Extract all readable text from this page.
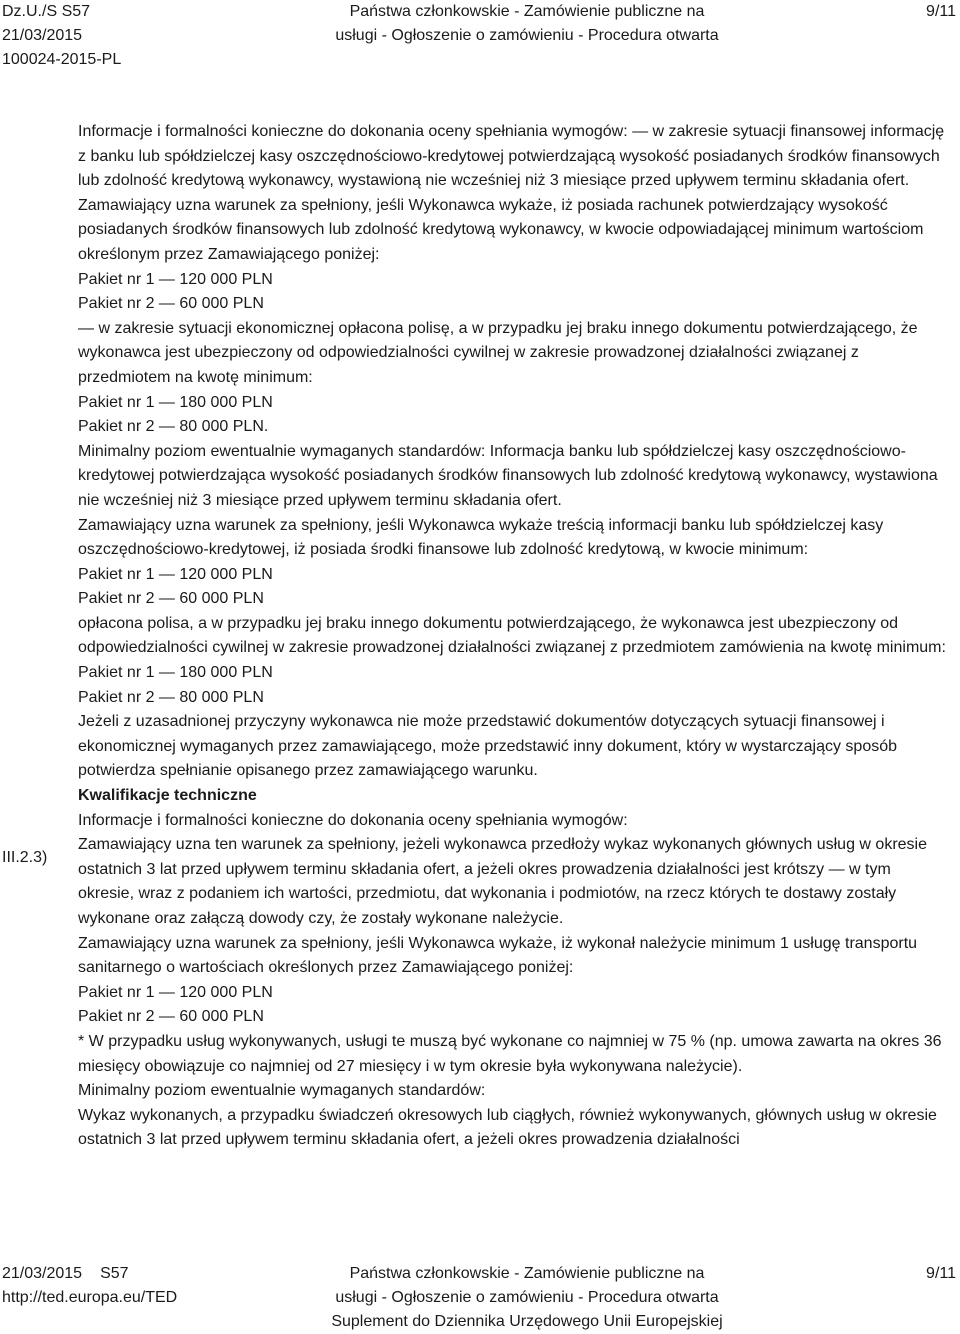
Dz.U./S S57
21/03/2015
100024-2015-PL
Państwa członkowskie - Zamówienie publiczne na
usługi - Ogłoszenie o zamówieniu - Procedura otwarta
9/11
III.2.3)

Informacje i formalności konieczne do dokonania oceny spełniania wymogów: — w zakresie sytuacji finansowej informację z banku lub spółdzielczej kasy oszczędnościowo-kredytowej potwierdzającą wysokość posiadanych środków finansowych lub zdolność kredytową wykonawcy, wystawioną nie wcześniej niż 3 miesiące przed upływem terminu składania ofert.

Zamawiający uzna warunek za spełniony, jeśli Wykonawca wykaże, iż posiada rachunek potwierdzający wysokość posiadanych środków finansowych lub zdolność kredytową wykonawcy, w kwocie odpowiadającej minimum wartościom określonym przez Zamawiającego poniżej:

Pakiet nr 1 — 120 000 PLN

Pakiet nr 2 — 60 000 PLN

— w zakresie sytuacji ekonomicznej opłacona polisę, a w przypadku jej braku innego dokumentu potwierdzającego, że wykonawca jest ubezpieczony od odpowiedzialności cywilnej w zakresie prowadzonej działalności związanej z przedmiotem na kwotę minimum:

Pakiet nr 1 — 180 000 PLN

Pakiet nr 2 — 80 000 PLN.

Minimalny poziom ewentualnie wymaganych standardów: Informacja banku lub spółdzielczej kasy oszczędnościowo-kredytowej potwierdzająca wysokość posiadanych środków finansowych lub zdolność kredytową wykonawcy, wystawiona nie wcześniej niż 3 miesiące przed upływem terminu składania ofert.

Zamawiający uzna warunek za spełniony, jeśli Wykonawca wykaże treścią informacji banku lub spółdzielczej kasy oszczędnościowo-kredytowej, iż posiada środki finansowe lub zdolność kredytową, w kwocie minimum:

Pakiet nr 1 — 120 000 PLN

Pakiet nr 2 — 60 000 PLN

opłacona polisa, a w przypadku jej braku innego dokumentu potwierdzającego, że wykonawca jest ubezpieczony od odpowiedzialności cywilnej w zakresie prowadzonej działalności związanej z przedmiotem zamówienia na kwotę minimum:

Pakiet nr 1 — 180 000 PLN

Pakiet nr 2 — 80 000 PLN

Jeżeli z uzasadnionej przyczyny wykonawca nie może przedstawić dokumentów dotyczących sytuacji finansowej i ekonomicznej wymaganych przez zamawiającego, może przedstawić inny dokument, który w wystarczający sposób potwierdza spełnianie opisanego przez zamawiającego warunku.

Kwalifikacje techniczne

Informacje i formalności konieczne do dokonania oceny spełniania wymogów:

Zamawiający uzna ten warunek za spełniony, jeżeli wykonawca przedłoży wykaz wykonanych głównych usług w okresie ostatnich 3 lat przed upływem terminu składania ofert, a jeżeli okres prowadzenia działalności jest krótszy — w tym okresie, wraz z podaniem ich wartości, przedmiotu, dat wykonania i podmiotów, na rzecz których te dostawy zostały wykonane oraz załączą dowody czy, że zostały wykonane należycie.

Zamawiający uzna warunek za spełniony, jeśli Wykonawca wykaże, iż wykonał należycie minimum 1 usługę transportu sanitarnego o wartościach określonych przez Zamawiającego poniżej:

Pakiet nr 1 — 120 000 PLN

Pakiet nr 2 — 60 000 PLN

* W przypadku usług wykonywanych, usługi te muszą być wykonane co najmniej w 75 % (np. umowa zawarta na okres 36 miesięcy obowiązuje co najmniej od 27 miesięcy i w tym okresie była wykonywana należycie).

Minimalny poziom ewentualnie wymaganych standardów:

Wykaz wykonanych, a przypadku świadczeń okresowych lub ciągłych, również wykonywanych, głównych usług w okresie ostatnich 3 lat przed upływem terminu składania ofert, a jeżeli okres prowadzenia działalności

21/03/2015 S57
http://ted.europa.eu/TED
Państwa członkowskie - Zamówienie publiczne na
usługi - Ogłoszenie o zamówieniu - Procedura otwarta
Suplement do Dziennika Urzędowego Unii Europejskiej
9/11
